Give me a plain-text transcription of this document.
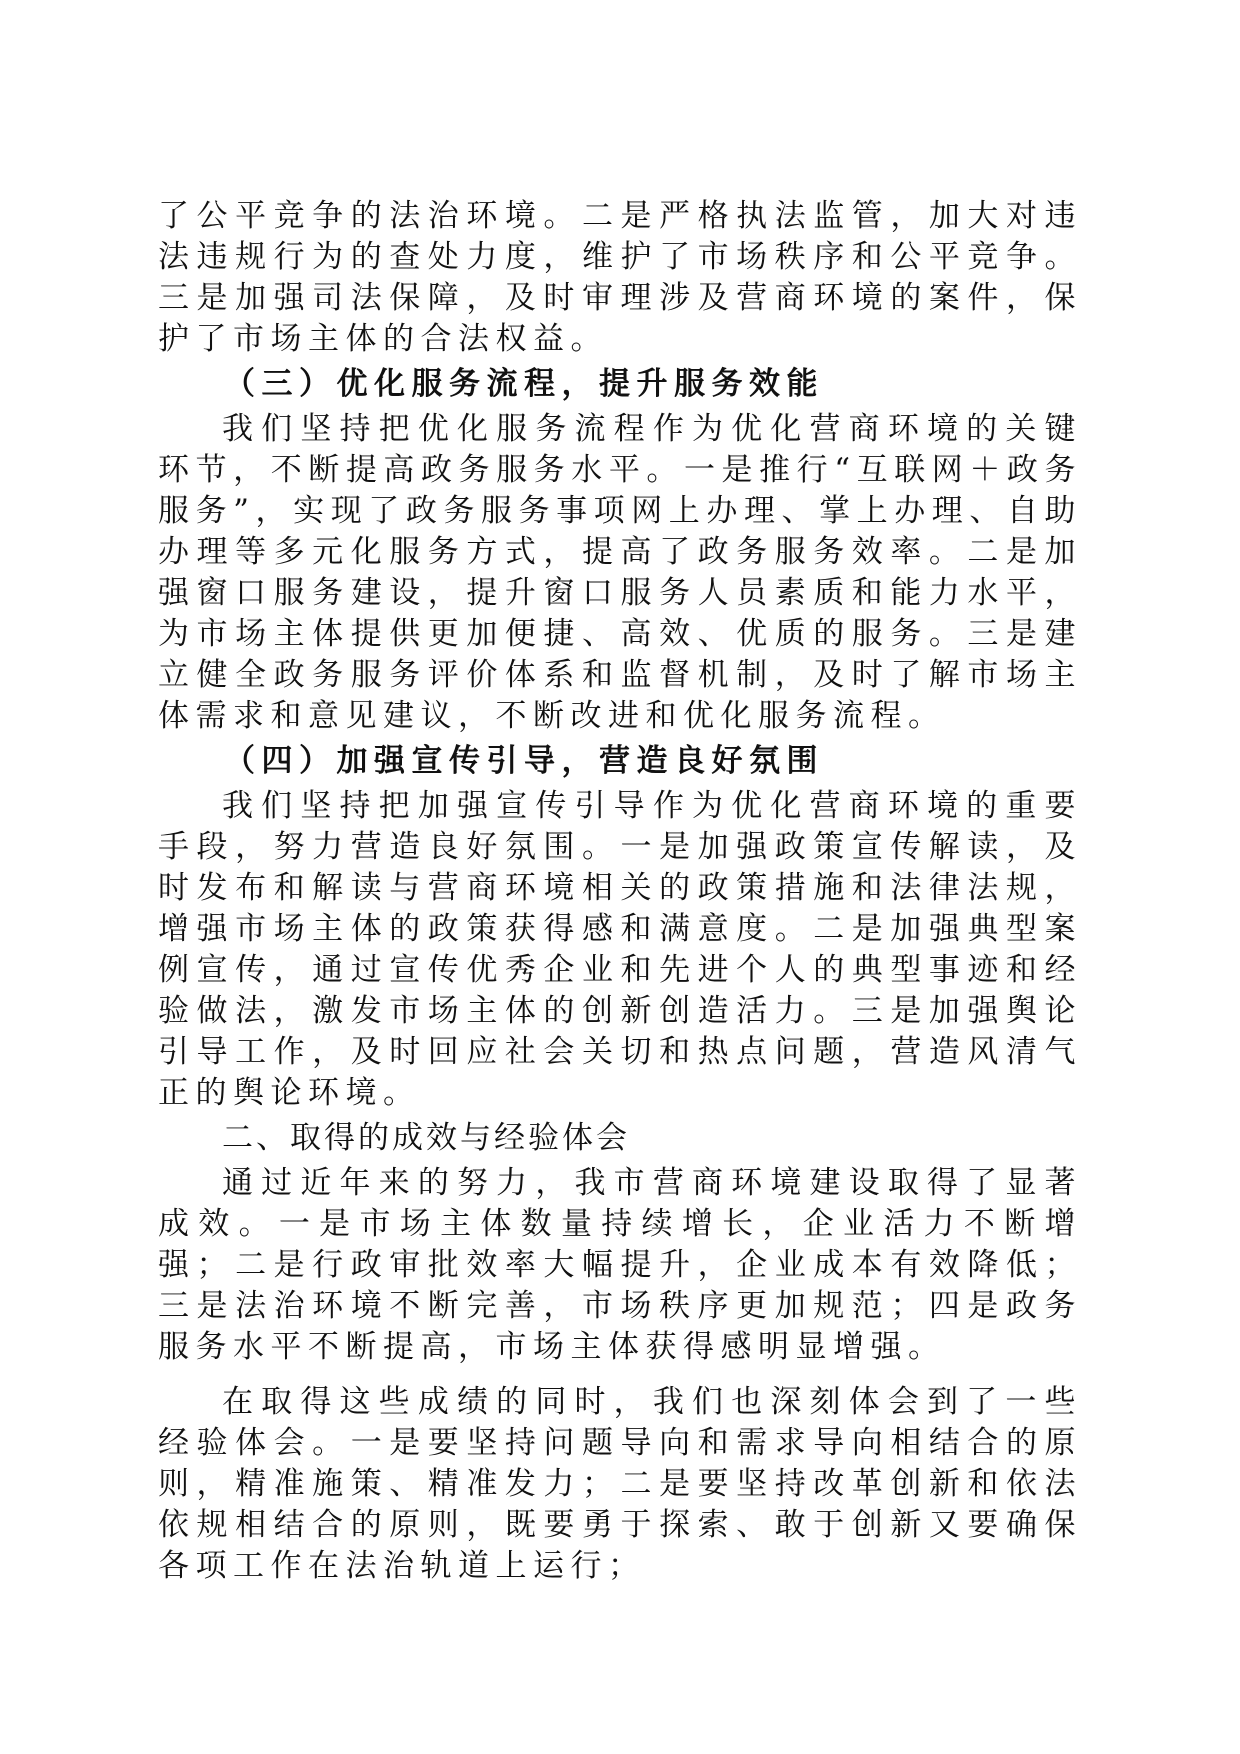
了公平竞争的法治环境。二是严格执法监管，加大对违法违规行为的查处力度，维护了市场秩序和公平竞争。三是加强司法保障，及时审理涉及营商环境的案件，保护了市场主体的合法权益。

（三）优化服务流程，提升服务效能

我们坚持把优化服务流程作为优化营商环境的关键环节，不断提高政务服务水平。一是推行“互联网＋政务服务”，实现了政务服务事项网上办理、掌上办理、自助办理等多元化服务方式，提高了政务服务效率。二是加强窗口服务建设，提升窗口服务人员素质和能力水平，为市场主体提供更加便捷、高效、优质的服务。三是建立健全政务服务评价体系和监督机制，及时了解市场主体需求和意见建议，不断改进和优化服务流程。

（四）加强宣传引导，营造良好氛围

我们坚持把加强宣传引导作为优化营商环境的重要手段，努力营造良好氛围。一是加强政策宣传解读，及时发布和解读与营商环境相关的政策措施和法律法规，增强市场主体的政策获得感和满意度。二是加强典型案例宣传，通过宣传优秀企业和先进个人的典型事迹和经验做法，激发市场主体的创新创造活力。三是加强舆论引导工作，及时回应社会关切和热点问题，营造风清气正的舆论环境。

二、取得的成效与经验体会

通过近年来的努力，我市营商环境建设取得了显著成效。一是市场主体数量持续增长，企业活力不断增强；二是行政审批效率大幅提升，企业成本有效降低；三是法治环境不断完善，市场秩序更加规范；四是政务服务水平不断提高，市场主体获得感明显增强。

在取得这些成绩的同时，我们也深刻体会到了一些经验体会。一是要坚持问题导向和需求导向相结合的原则，精准施策、精准发力；二是要坚持改革创新和依法依规相结合的原则，既要勇于探索、敢于创新又要确保各项工作在法治轨道上运行；
